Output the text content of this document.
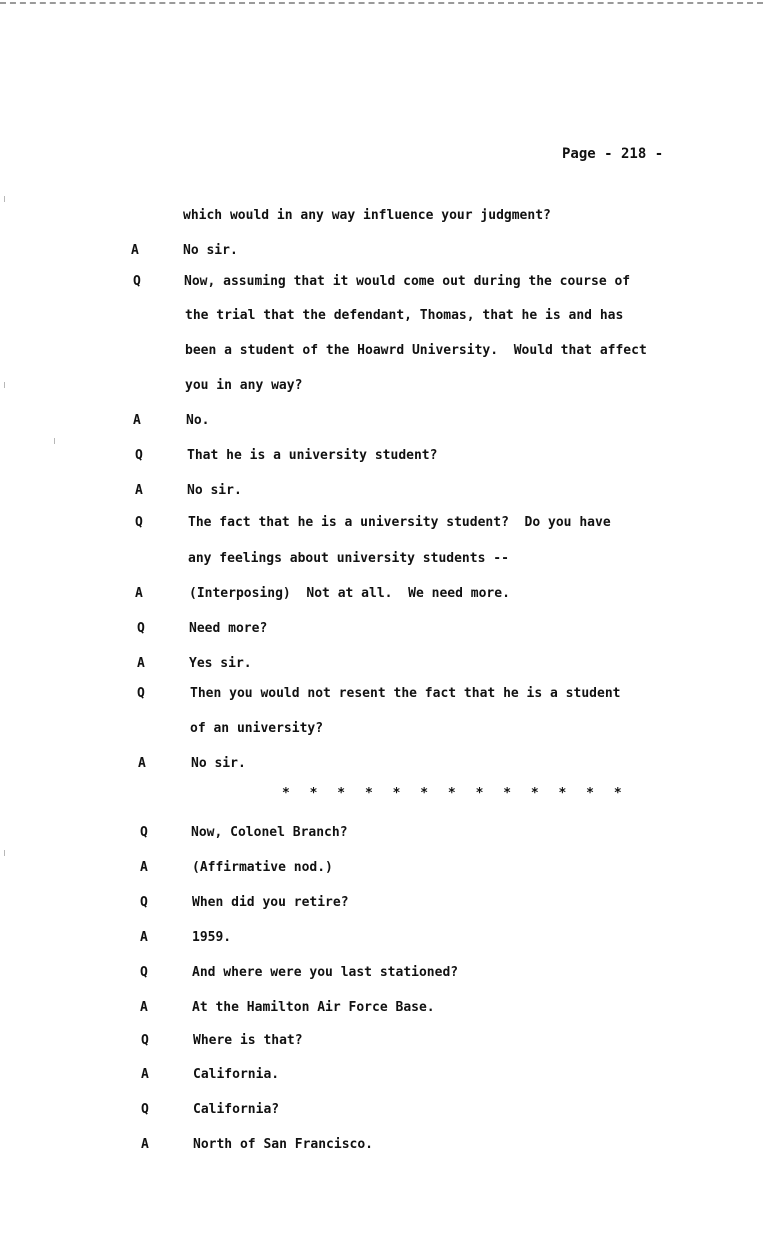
Page - 218 -
which would in any way influence your judgment?
A	No sir.
Q	Now, assuming that it would come out during the course of
the trial that the defendant, Thomas, that he is and has
been a student of the Hoawrd University.  Would that affect
you in any way?
A	No.
Q	That he is a university student?
A	No sir.
Q	The fact that he is a university student?  Do you have
any feelings about university students --
A	(Interposing)  Not at all.  We need more.
Q	Need more?
A	Yes sir.
Q	Then you would not resent the fact that he is a student
of an university?
A	No sir.
Q	Now, Colonel Branch?
A	(Affirmative nod.)
Q	When did you retire?
A	1959.
Q	And where were you last stationed?
A	At the Hamilton Air Force Base.
Q	Where is that?
A	California.
Q	California?
A	North of San Francisco.
* * * * * * * * * * * * *
